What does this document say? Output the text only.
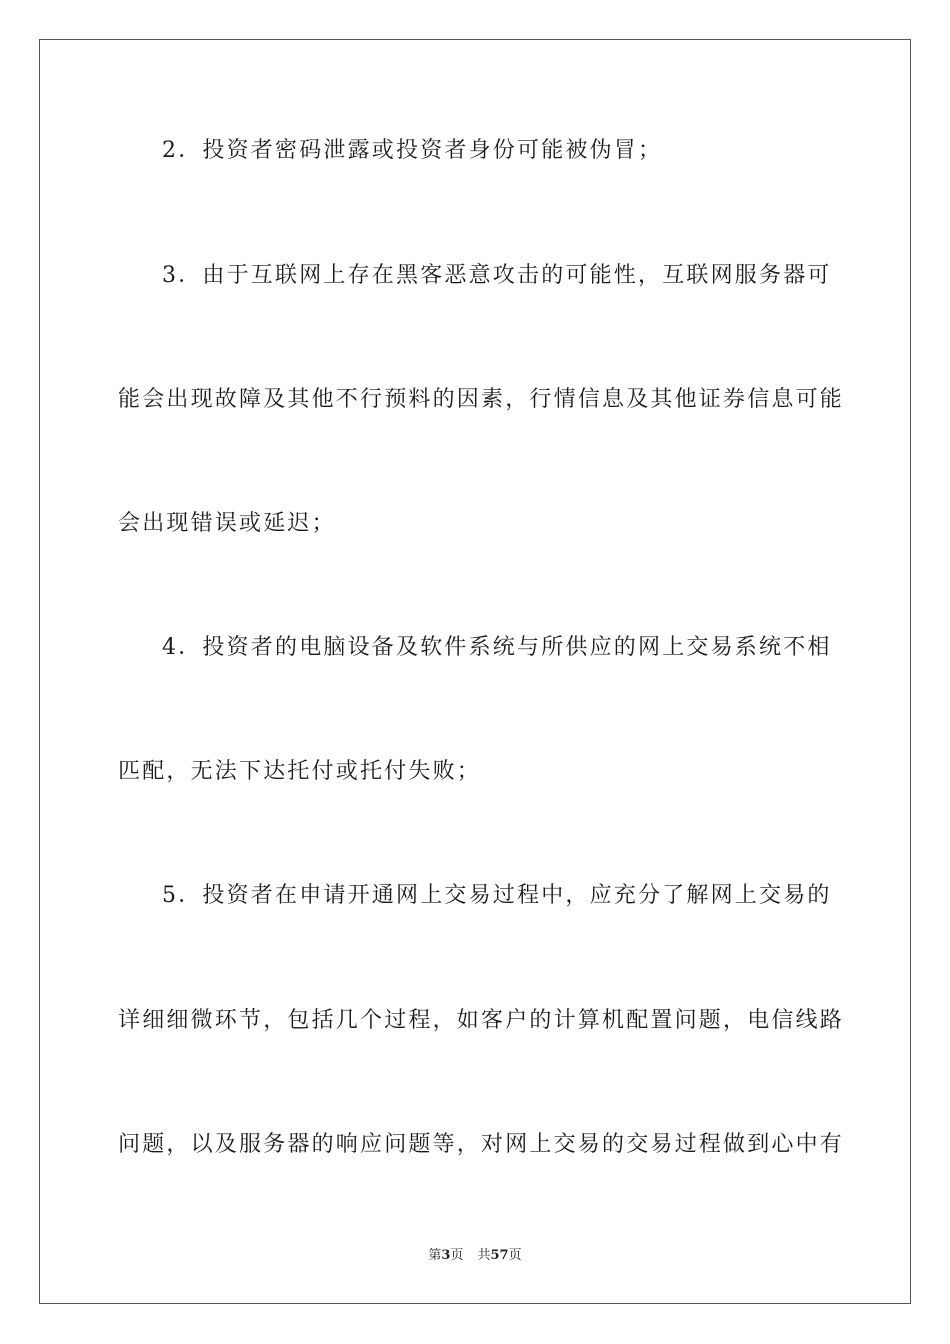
2．投资者密码泄露或投资者身份可能被伪冒；
3．由于互联网上存在黑客恶意攻击的可能性，互联网服务器可
能会出现故障及其他不行预料的因素，行情信息及其他证券信息可能
会出现错误或延迟；
4．投资者的电脑设备及软件系统与所供应的网上交易系统不相
匹配，无法下达托付或托付失败；
5．投资者在申请开通网上交易过程中，应充分了解网上交易的
详细细微环节，包括几个过程，如客户的计算机配置问题，电信线路
问题，以及服务器的响应问题等，对网上交易的交易过程做到心中有
第3页 共57页
